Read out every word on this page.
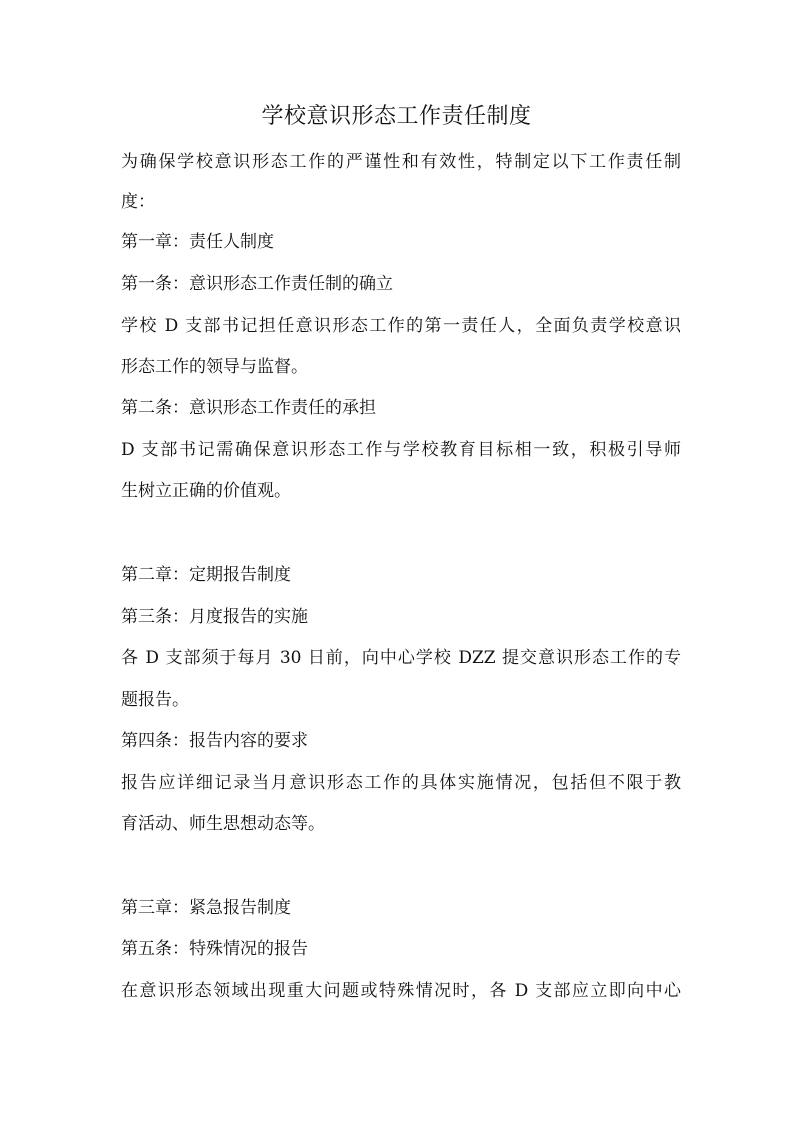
学校意识形态工作责任制度

为确保学校意识形态工作的严谨性和有效性，特制定以下工作责任制

度：

第一章：责任人制度

第一条：意识形态工作责任制的确立

学校 D 支部书记担任意识形态工作的第一责任人，全面负责学校意识

形态工作的领导与监督。

第二条：意识形态工作责任的承担

D 支部书记需确保意识形态工作与学校教育目标相一致，积极引导师

生树立正确的价值观。

第二章：定期报告制度

第三条：月度报告的实施

各 D 支部须于每月 30 日前，向中心学校 DZZ 提交意识形态工作的专

题报告。

第四条：报告内容的要求

报告应详细记录当月意识形态工作的具体实施情况，包括但不限于教

育活动、师生思想动态等。

第三章：紧急报告制度

第五条：特殊情况的报告

在意识形态领域出现重大问题或特殊情况时，各 D 支部应立即向中心
